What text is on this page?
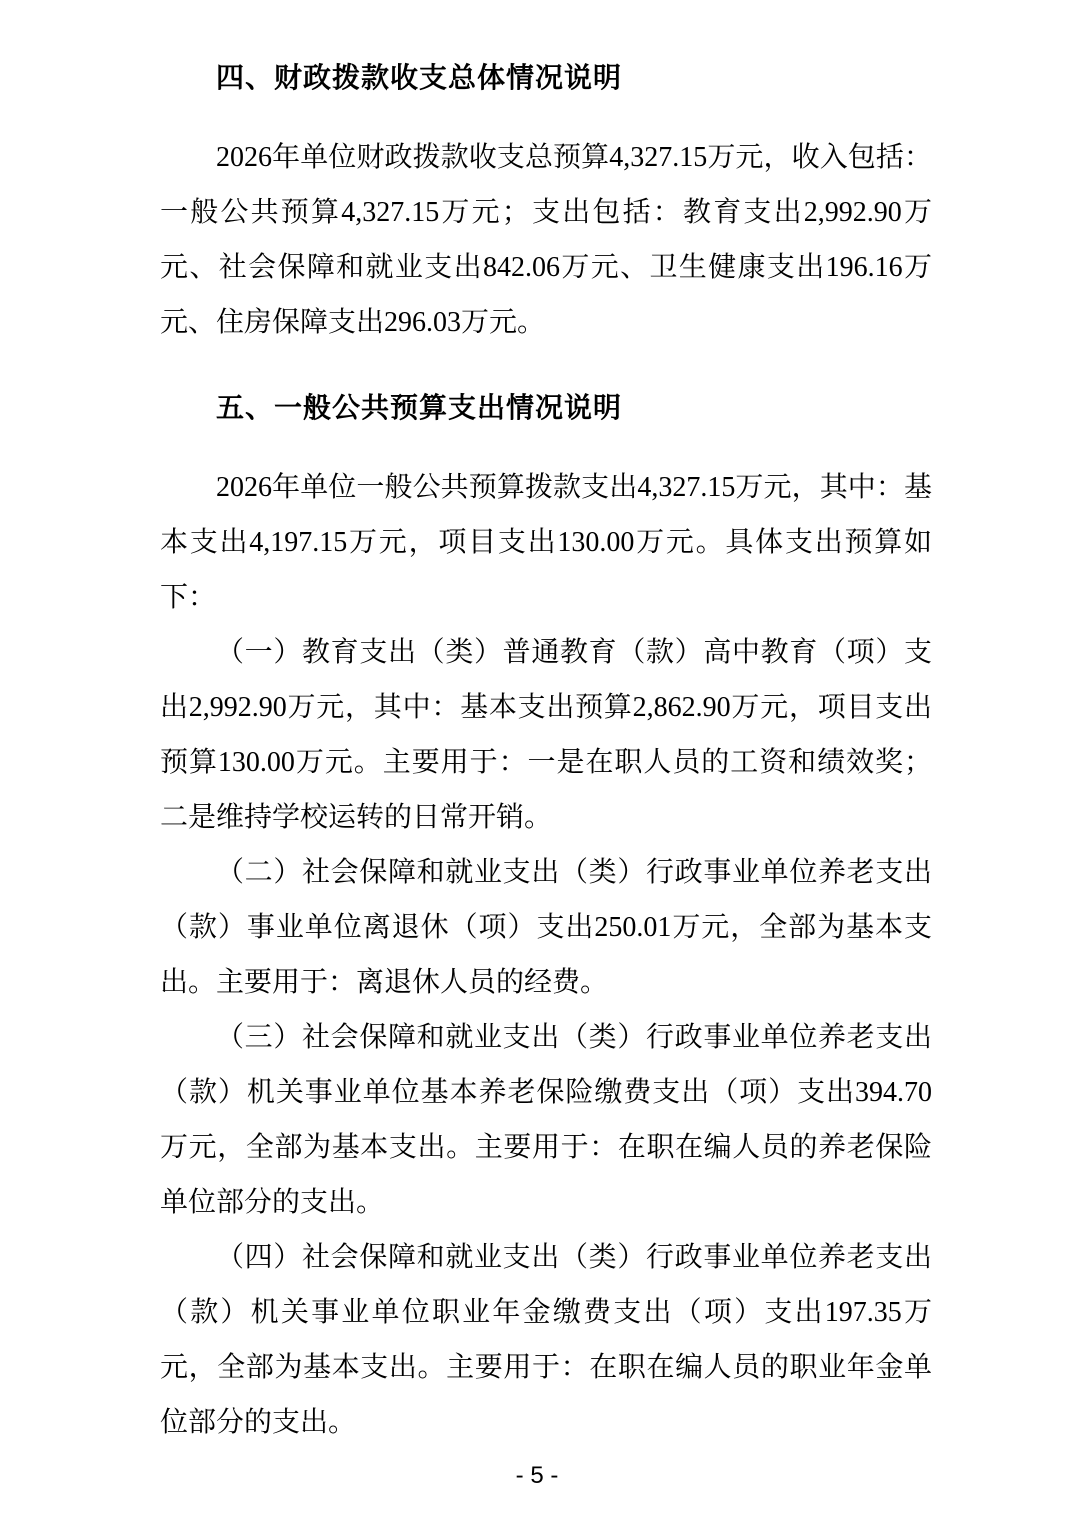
四、财政拨款收支总体情况说明

2026年单位财政拨款收支总预算4,327.15万元，收入包括：一般公共预算4,327.15万元；支出包括：教育支出2,992.90万元、社会保障和就业支出842.06万元、卫生健康支出196.16万元、住房保障支出296.03万元。

五、一般公共预算支出情况说明

2026年单位一般公共预算拨款支出4,327.15万元，其中：基本支出4,197.15万元，项目支出130.00万元。具体支出预算如下：

（一）教育支出（类）普通教育（款）高中教育（项）支出2,992.90万元，其中：基本支出预算2,862.90万元，项目支出预算130.00万元。主要用于：一是在职人员的工资和绩效奖；二是维持学校运转的日常开销。

（二）社会保障和就业支出（类）行政事业单位养老支出（款）事业单位离退休（项）支出250.01万元，全部为基本支出。主要用于：离退休人员的经费。

（三）社会保障和就业支出（类）行政事业单位养老支出（款）机关事业单位基本养老保险缴费支出（项）支出394.70万元，全部为基本支出。主要用于：在职在编人员的养老保险单位部分的支出。

（四）社会保障和就业支出（类）行政事业单位养老支出（款）机关事业单位职业年金缴费支出（项）支出197.35万元，全部为基本支出。主要用于：在职在编人员的职业年金单位部分的支出。

- 5 -
